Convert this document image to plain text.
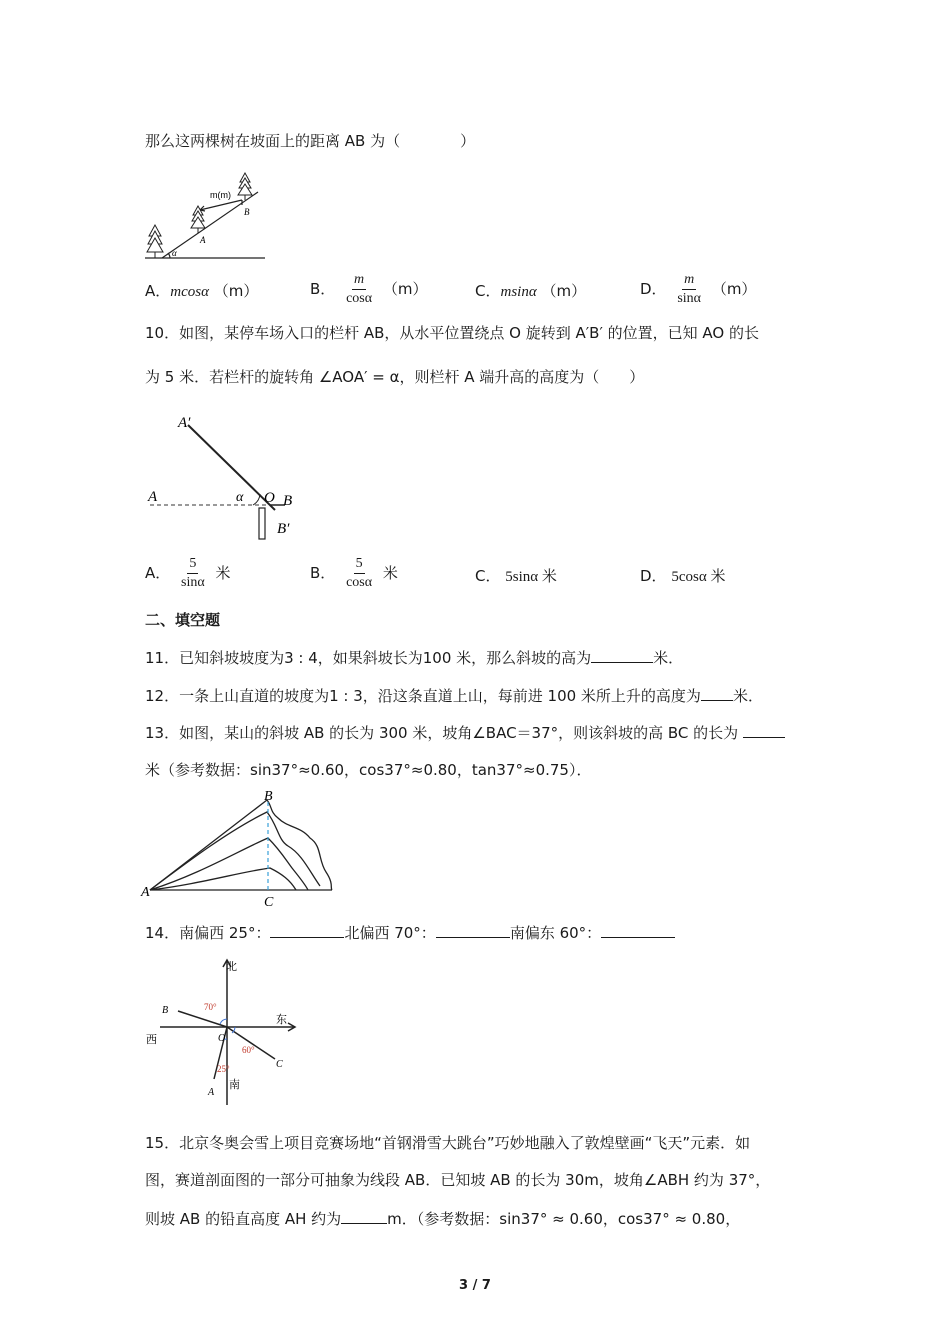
那么这两棵树在坡面上的距离 AB 为（　　　　）
m(m)
A
B
α
A．mcosα （m）	B． $\frac{m}{\cos\alpha} (m)$	C．msinα （m）	D． $\frac{m}{\sin\alpha} (m)$
10．如图，某停车场入口的栏杆 AB，从水平位置绕点 O 旋转到 A′B′ 的位置，已知 AO 的长
为 5 米．若栏杆的旋转角 ∠AOA′ = α，则栏杆 A 端升高的高度为（　　）
A′
A	α O B
B′
A． $\frac{5}{\sin\alpha}$ 米	B． $\frac{5}{\cos\alpha}$ 米	C． 5sinα 米	D． 5cosα 米
二、填空题
11．已知斜坡坡度为3 : 4，如果斜坡长为100 米，那么斜坡的高为	米．
12．一条上山直道的坡度为1 : 3，沿这条直道上山，每前进 100 米所上升的高度为 米．
13．如图，某山的斜坡 AB 的长为 300 米，坡角∠BAC＝37°，则该斜坡的高 BC 的长为
米（参考数据：sin37°≈0.60，cos37°≈0.80，tan37°≈0.75）．
A
B
C
14．南偏西 25°：	北偏西 70°：	南偏东 60°：
北
南
东
西	O
A
B
C
70°
60°
25°
15．北京冬奥会雪上项目竞赛场地“首钢滑雪大跳台”巧妙地融入了敦煌壁画“飞天”元素．如
图，赛道剖面图的一部分可抽象为线段 AB．已知坡 AB 的长为 30m，坡角∠ABH 约为 37°，
则坡 AB 的铅直高度 AH 约为	m．（参考数据：sin37° ≈ 0.60，cos37° ≈ 0.80，
3 / 7
